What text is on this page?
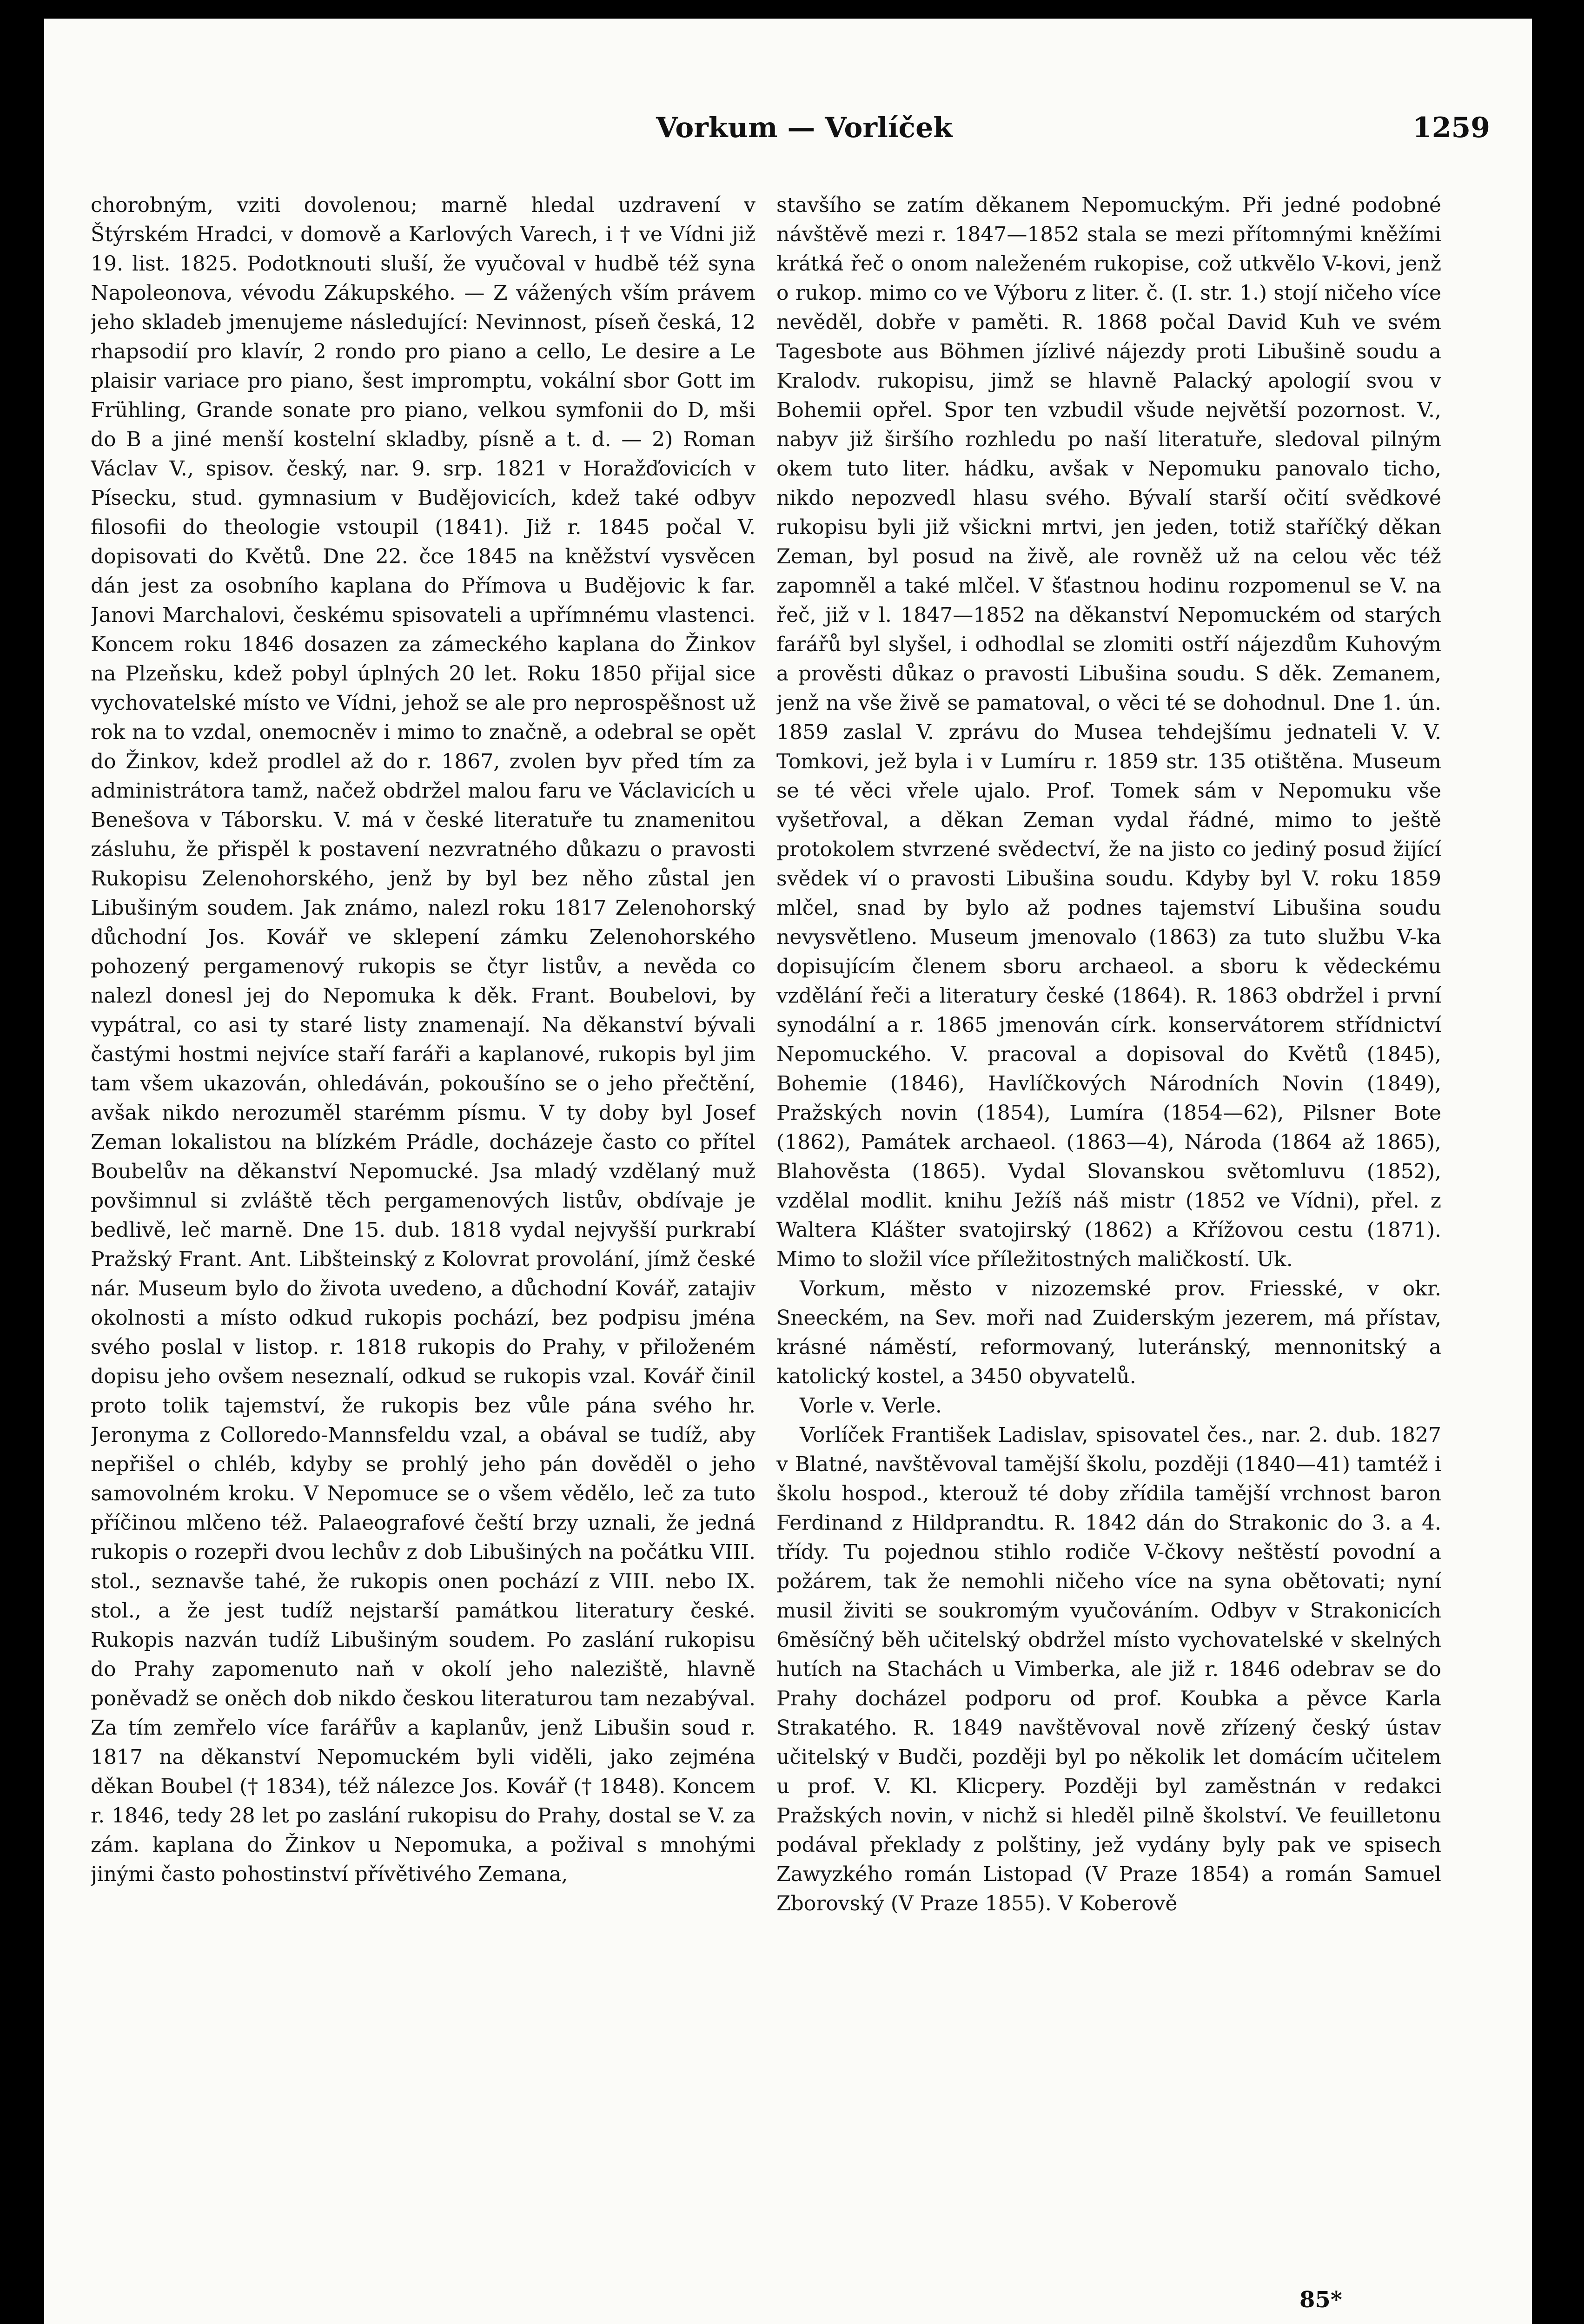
Vorkum — Vorlíček	1259

chorobným, vziti dovolenou; marně hledal uzdravení v Štýrském Hradci, v domově a Karlových Varech, i † ve Vídni již 19. list. 1825. Podotknouti sluší, že vyučoval v hudbě též syna Napoleonova, vévodu Zákupského. — Z vážených vším právem jeho skladeb jmenujeme následující: Nevinnost, píseň česká, 12 rhapsodií pro klavír, 2 rondo pro piano a cello, Le desire a Le plaisir variace pro piano, šest impromptu, vokální sbor Gott im Frühling, Grande sonate pro piano, velkou symfonii do D, mši do B a jiné menší kostelní skladby, písně a t. d. — 2) Roman Václav V., spisov. český, nar. 9. srp. 1821 v Horažďovicích v Písecku, stud. gymnasium v Budějovicích, kdež také odbyv filosofii do theologie vstoupil (1841). Již r. 1845 počal V. dopisovati do Květů. Dne 22. čce 1845 na kněžství vysvěcen dán jest za osobního kaplana do Přímova u Budějovic k far. Janovi Marchalovi, českému spisovateli a upřímnému vlastenci. Koncem roku 1846 dosazen za zámeckého kaplana do Žinkov na Plzeňsku, kdež pobyl úplných 20 let. Roku 1850 přijal sice vychovatelské místo ve Vídni, jehož se ale pro neprospěšnost už rok na to vzdal, onemocněv i mimo to značně, a odebral se opět do Žinkov, kdež prodlel až do r. 1867, zvolen byv před tím za administrátora tamž, načež obdržel malou faru ve Václavicích u Benešova v Táborsku. V. má v české literatuře tu znamenitou zásluhu, že přispěl k postavení nezvratného důkazu o pravosti Rukopisu Zelenohorského, jenž by byl bez něho zůstal jen Libušiným soudem. Jak známo, nalezl roku 1817 Zelenohorský důchodní Jos. Kovář ve sklepení zámku Zelenohorského pohozený pergamenový rukopis se čtyr listův, a nevěda co nalezl donesl jej do Nepomuka k děk. Frant. Boubelovi, by vypátral, co asi ty staré listy znamenají. Na děkanství bývali častými hostmi nejvíce staří faráři a kaplanové, rukopis byl jim tam všem ukazován, ohledáván, pokoušíno se o jeho přečtění, avšak nikdo nerozuměl starémm písmu. V ty doby byl Josef Zeman lokalistou na blízkém Prádle, docházeje často co přítel Boubelův na děkanství Nepomucké. Jsa mladý vzdělaný muž povšimnul si zvláště těch pergamenových listův, obdívaje je bedlivě, leč marně. Dne 15. dub. 1818 vydal nejvyšší purkrabí Pražský Frant. Ant. Libšteinský z Kolovrat provolání, jímž české nár. Museum bylo do života uvedeno, a důchodní Kovář, zatajiv okolnosti a místo odkud rukopis pochází, bez podpisu jména svého poslal v listop. r. 1818 rukopis do Prahy, v přiloženém dopisu jeho ovšem neseznalí, odkud se rukopis vzal. Kovář činil proto tolik tajemství, že rukopis bez vůle pána svého hr. Jeronyma z Colloredo-Mannsfeldu vzal, a obával se tudíž, aby nepřišel o chléb, kdyby se prohlý jeho pán dověděl o jeho samovolném kroku. V Nepomuce se o všem vědělo, leč za tuto příčinou mlčeno též. Palaeografové čeští brzy uznali, že jedná rukopis o rozepři dvou lechův z dob Libušiných na počátku VIII. stol., seznavše tahé, že rukopis onen pochází z VIII. nebo IX. stol., a že jest tudíž nejstarší památkou literatury české. Rukopis nazván tudíž Libušiným soudem. Po zaslání rukopisu do Prahy zapomenuto naň v okolí jeho naleziště, hlavně poněvadž se oněch dob nikdo českou literaturou tam nezabýval. Za tím zemřelo více farářův a kaplanův, jenž Libušin soud r. 1817 na děkanství Nepomuckém byli viděli, jako zejména děkan Boubel († 1834), též nálezce Jos. Kovář († 1848). Koncem r. 1846, tedy 28 let po zaslání rukopisu do Prahy, dostal se V. za zám. kaplana do Žinkov u Nepomuka, a požival s mnohými jinými často pohostinství přívětivého Zemana,

stavšího se zatím děkanem Nepomuckým. Při jedné podobné návštěvě mezi r. 1847—1852 stala se mezi přítomnými kněžími krátká řeč o onom naleženém rukopise, což utkvělo V-kovi, jenž o rukop. mimo co ve Výboru z liter. č. (I. str. 1.) stojí ničeho více nevěděl, dobře v paměti. R. 1868 počal David Kuh ve svém Tagesbote aus Böhmen jízlivé nájezdy proti Libušině soudu a Kralodv. rukopisu, jimž se hlavně Palacký apologií svou v Bohemii opřel. Spor ten vzbudil všude největší pozornost. V., nabyv již širšího rozhledu po naší literatuře, sledoval pilným okem tuto liter. hádku, avšak v Nepomuku panovalo ticho, nikdo nepozvedl hlasu svého. Bývalí starší očití svědkové rukopisu byli již všickni mrtvi, jen jeden, totiž staříčký děkan Zeman, byl posud na živě, ale rovněž už na celou věc též zapomněl a také mlčel. V šťastnou hodinu rozpomenul se V. na řeč, již v l. 1847—1852 na děkanství Nepomuckém od starých farářů byl slyšel, i odhodlal se zlomiti ostří nájezdům Kuhovým a prověsti důkaz o pravosti Libušina soudu. S děk. Zemanem, jenž na vše živě se pamatoval, o věci té se dohodnul. Dne 1. ún. 1859 zaslal V. zprávu do Musea tehdejšímu jednateli V. V. Tomkovi, jež byla i v Lumíru r. 1859 str. 135 otištěna. Museum se té věci vřele ujalo. Prof. Tomek sám v Nepomuku vše vyšetřoval, a děkan Zeman vydal řádné, mimo to ještě protokolem stvrzené svědectví, že na jisto co jediný posud žijící svědek ví o pravosti Libušina soudu. Kdyby byl V. roku 1859 mlčel, snad by bylo až podnes tajemství Libušina soudu nevysvětleno. Museum jmenovalo (1863) za tuto službu V-ka dopisujícím členem sboru archaeol. a sboru k vědeckému vzdělání řeči a literatury české (1864). R. 1863 obdržel i první synodální a r. 1865 jmenován círk. konservátorem střídnictví Nepomuckého. V. pracoval a dopisoval do Květů (1845), Bohemie (1846), Havlíčkových Národních Novin (1849), Pražských novin (1854), Lumíra (1854—62), Pilsner Bote (1862), Památek archaeol. (1863—4), Národa (1864 až 1865), Blahověsta (1865). Vydal Slovanskou světomluvu (1852), vzdělal modlit. knihu Ježíš náš mistr (1852 ve Vídni), přel. z Waltera Klášter svatojirský (1862) a Křížovou cestu (1871). Mimo to složil více příležitostných maličkostí. Uk.

Vorkum, město v nizozemské prov. Friesské, v okr. Sneeckém, na Sev. moři nad Zuiderským jezerem, má přístav, krásné náměstí, reformovaný, luteránský, mennonitský a katolický kostel, a 3450 obyvatelů.

Vorle v. Verle.

Vorlíček František Ladislav, spisovatel čes., nar. 2. dub. 1827 v Blatné, navštěvoval tamější školu, později (1840—41) tamtéž i školu hospod., kterouž té doby zřídila tamější vrchnost baron Ferdinand z Hildprandtu. R. 1842 dán do Strakonic do 3. a 4. třídy. Tu pojednou stihlo rodiče V-čkovy neštěstí povodní a požárem, tak že nemohli ničeho více na syna obětovati; nyní musil živiti se soukromým vyučováním. Odbyv v Strakonicích 6měsíčný běh učitelský obdržel místo vychovatelské v skelných hutích na Stachách u Vimberka, ale již r. 1846 odebrav se do Prahy docházel podporu od prof. Koubka a pěvce Karla Strakatého. R. 1849 navštěvoval nově zřízený český ústav učitelský v Budči, později byl po několik let domácím učitelem u prof. V. Kl. Klicpery. Později byl zaměstnán v redakci Pražských novin, v nichž si hleděl pilně školství. Ve feuilletonu podával překlady z polštiny, jež vydány byly pak ve spisech Zawyzkého román Listopad (V Praze 1854) a román Samuel Zborovský (V Praze 1855). V Koberově

85*
